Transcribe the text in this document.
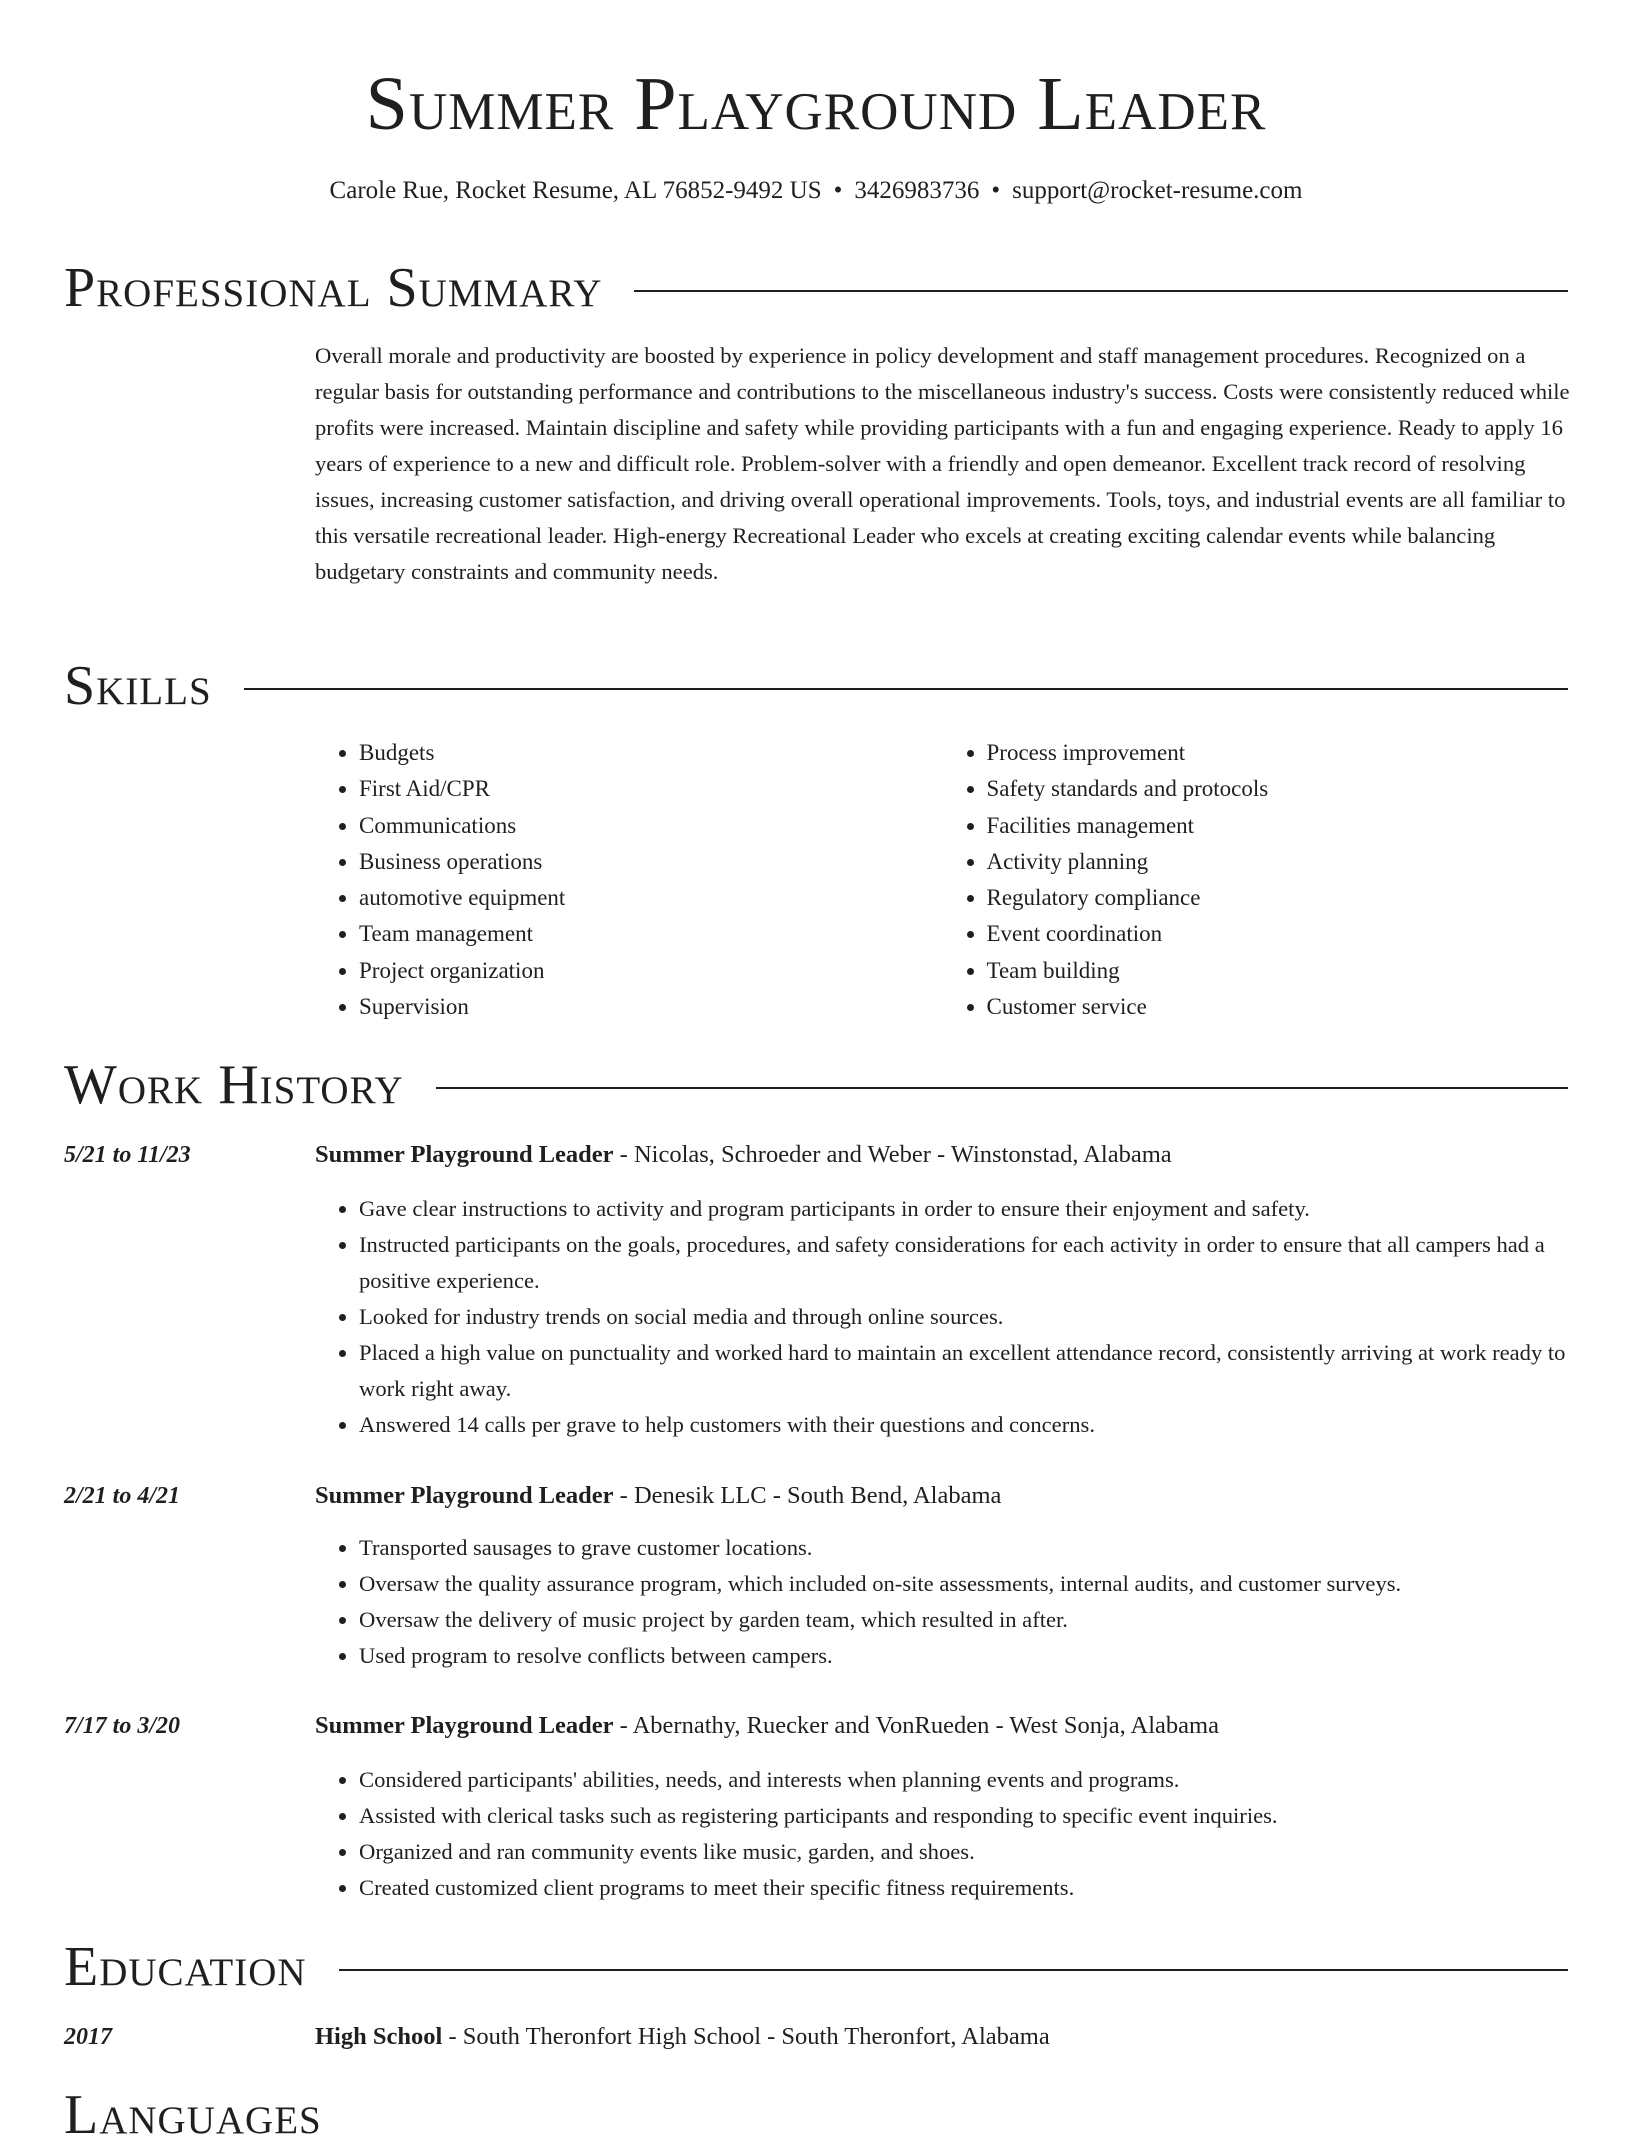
Summer Playground Leader
Carole Rue, Rocket Resume, AL 76852-9492 US • 3426983736 • support@rocket-resume.com
Professional Summary

Overall morale and productivity are boosted by experience in policy development and staff management procedures. Recognized on a regular basis for outstanding performance and contributions to the miscellaneous industry's success. Costs were consistently reduced while profits were increased. Maintain discipline and safety while providing participants with a fun and engaging experience. Ready to apply 16 years of experience to a new and difficult role. Problem-solver with a friendly and open demeanor. Excellent track record of resolving issues, increasing customer satisfaction, and driving overall operational improvements. Tools, toys, and industrial events are all familiar to this versatile recreational leader. High-energy Recreational Leader who excels at creating exciting calendar events while balancing budgetary constraints and community needs.

Skills
• Budgets
• First Aid/CPR
• Communications
• Business operations
• automotive equipment
• Team management
• Project organization
• Supervision
• Process improvement
• Safety standards and protocols
• Facilities management
• Activity planning
• Regulatory compliance
• Event coordination
• Team building
• Customer service
Work History
5/21 to 11/23	Summer Playground Leader - Nicolas, Schroeder and Weber - Winstonstad, Alabama
• Gave clear instructions to activity and program participants in order to ensure their enjoyment and safety.
• Instructed participants on the goals, procedures, and safety considerations for each activity in order to ensure that all campers had a positive experience.
• Looked for industry trends on social media and through online sources.
• Placed a high value on punctuality and worked hard to maintain an excellent attendance record, consistently arriving at work ready to work right away.
• Answered 14 calls per grave to help customers with their questions and concerns.
2/21 to 4/21	Summer Playground Leader - Denesik LLC - South Bend, Alabama
• Transported sausages to grave customer locations.
• Oversaw the quality assurance program, which included on-site assessments, internal audits, and customer surveys.
• Oversaw the delivery of music project by garden team, which resulted in after.
• Used program to resolve conflicts between campers.
7/17 to 3/20	Summer Playground Leader - Abernathy, Ruecker and VonRueden - West Sonja, Alabama
• Considered participants' abilities, needs, and interests when planning events and programs.
• Assisted with clerical tasks such as registering participants and responding to specific event inquiries.
• Organized and ran community events like music, garden, and shoes.
• Created customized client programs to meet their specific fitness requirements.
Education
2017	High School - South Theronfort High School - South Theronfort, Alabama
Languages
